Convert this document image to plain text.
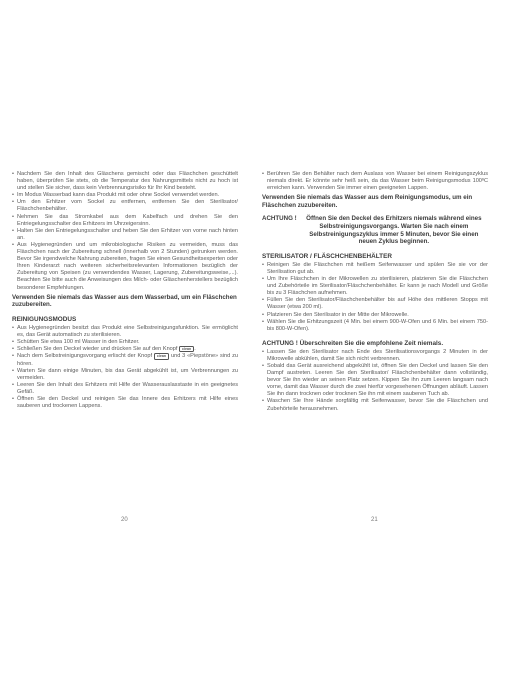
• Nachdem Sie den Inhalt des Gläschens gemischt oder das Fläschchen geschüttelt haben, überprüfen Sie stets, ob die Temperatur des Nahrungsmittels nicht zu hoch ist und stellen Sie sicher, dass kein Verbrennungsrisiko für Ihr Kind besteht.

• Im Modus Wasserbad kann das Produkt mit oder ohne Sockel verwendet werden.

• Um den Erhitzer vom Sockel zu entfernen, entfernen Sie den Sterilisator/ Fläschchenbehälter.

• Nehmen Sie das Stromkabel aus dem Kabelfach und drehen Sie den Entriegelungsschalter des Erhitzers im Uhrzeigersinn.

• Halten Sie den Entriegelungsschalter und heben Sie den Erhitzer von vorne nach hinten an.

• Aus Hygienegründen und um mikrobiologische Risiken zu vermeiden, muss das Fläschchen nach der Zubereitung schnell (innerhalb von 2 Stunden) getrunken werden. Bevor Sie irgendwelche Nahrung zubereiten, fragen Sie einen Gesundheitsexperten oder Ihren Kinderarzt nach weiteren sicherheitsrelevanten Informationen bezüglich der Zubereitung von Speisen (zu verwendendes Wasser, Lagerung, Zubereitungsweise,...). Beachten Sie bitte auch die Anweisungen des Milch- oder Gläschenherstellers bezüglich besonderer Empfehlungen.

Verwenden Sie niemals das Wasser aus dem Wasserbad, um ein Fläschchen zuzubereiten.

REINIGUNGSMODUS

• Aus Hygienegründen besitzt das Produkt eine Selbstreinigungsfunktion. Sie ermöglicht es, das Gerät automatisch zu sterilisieren.

• Schütten Sie etwa 100 ml Wasser in den Erhitzer.

• Schließen Sie den Deckel wieder und drücken Sie auf den Knopf clean .

• Nach dem Selbstreinigungsvorgang erlischt der Knopf clean und 3 «Piepstöne» sind zu hören.

• Warten Sie dann einige Minuten, bis das Gerät abgekühlt ist, um Verbrennungen zu vermeiden.

• Leeren Sie den Inhalt des Erhitzers mit Hilfe der Wasserauslasstaste in ein geeignetes Gefäß.

• Öffnen Sie den Deckel und reinigen Sie das Innere des Erhitzers mit Hilfe eines sauberen und trockenen Lappens.

• Berühren Sie den Behälter nach dem Auslass von Wasser bei einem Reinigungszyklus niemals direkt. Er könnte sehr heiß sein, da das Wasser beim Reinigungsmodus 100ºC erreichen kann. Verwenden Sie immer einen geeigneten Lappen.

Verwenden Sie niemals das Wasser aus dem Reinigungsmodus, um ein Fläschchen zuzubereiten.

ACHTUNG !	Öffnen Sie den Deckel des Erhitzers niemals während eines Selbstreinigungsvorgangs. Warten Sie nach einem Selbstreinigungszyklus immer 5 Minuten, bevor Sie einen neuen Zyklus beginnen.

STERILISATOR / FLÄSCHCHENBEHÄLTER

• Reinigen Sie die Fläschchen mit heißem Seifenwasser und spülen Sie sie vor der Sterilisation gut ab.

• Um Ihre Fläschchen in der Mikrowellen zu sterilisieren, platzieren Sie die Fläschchen und Zubehörteile im Sterilisator/Fläschchenbehälter. Er kann je nach Modell und Größe bis zu 3 Fläschchen aufnehmen.

• Füllen Sie den Sterilisator/Fläschchenbehälter bis auf Höhe des mittleren Stopps mit Wasser (etwa 200 ml).

• Platzieren Sie den Sterilisator in der Mitte der Mikrowelle.

• Wählen Sie die Erhitzungszeit (4 Min. bei einem 900-W-Ofen und 6 Min. bei einem 750- bis 800-W-Ofen).

ACHTUNG ! Überschreiten Sie die empfohlene Zeit niemals.

• Lassen Sie den Sterilisator nach Ende des Sterilisationsvorgangs 2 Minuten in der Mikrowelle abkühlen, damit Sie sich nicht verbrennen.

• Sobald das Gerät ausreichend abgekühlt ist, öffnen Sie den Deckel und lassen Sie den Dampf austreten. Leeren Sie den Sterilisator/ Fläschchenbehälter dann vollständig, bevor Sie ihn wieder an seinen Platz setzen. Kippen Sie ihn zum Leeren langsam nach vorne, damit das Wasser durch die zwei hierfür vorgesehenen Öffnungen abläuft. Lassen Sie ihn dann trocknen oder trocknen Sie ihn mit einem sauberen Tuch ab.

• Waschen Sie Ihre Hände sorgfältig mit Seifenwasser, bevor Sie die Fläschchen und Zubehörteile herausnehmen.

20	21
